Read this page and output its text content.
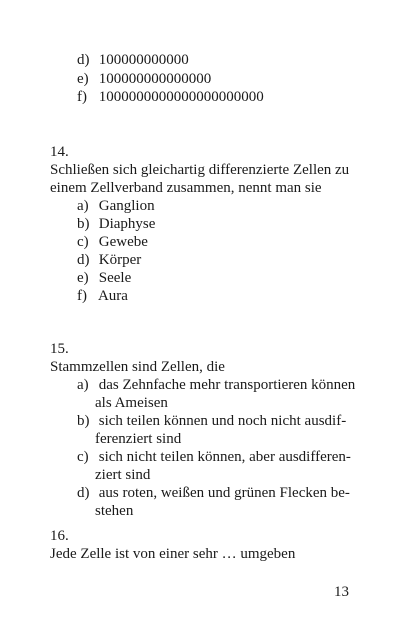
d) 100000000000
e) 100000000000000
f) 1000000000000000000000
14.
Schließen sich gleichartig differenzierte Zellen zu
einem Zellverband zusammen, nennt man sie
a) Ganglion
b) Diaphyse
c) Gewebe
d) Körper
e) Seele
f) Aura
15.
Stammzellen sind Zellen, die
a) das Zehnfache mehr transportieren können
als Ameisen
b) sich teilen können und noch nicht ausdif-
ferenziert sind
c) sich nicht teilen können, aber ausdifferen-
ziert sind
d) aus roten, weißen und grünen Flecken be-
stehen
16.
Jede Zelle ist von einer sehr … umgeben
13
